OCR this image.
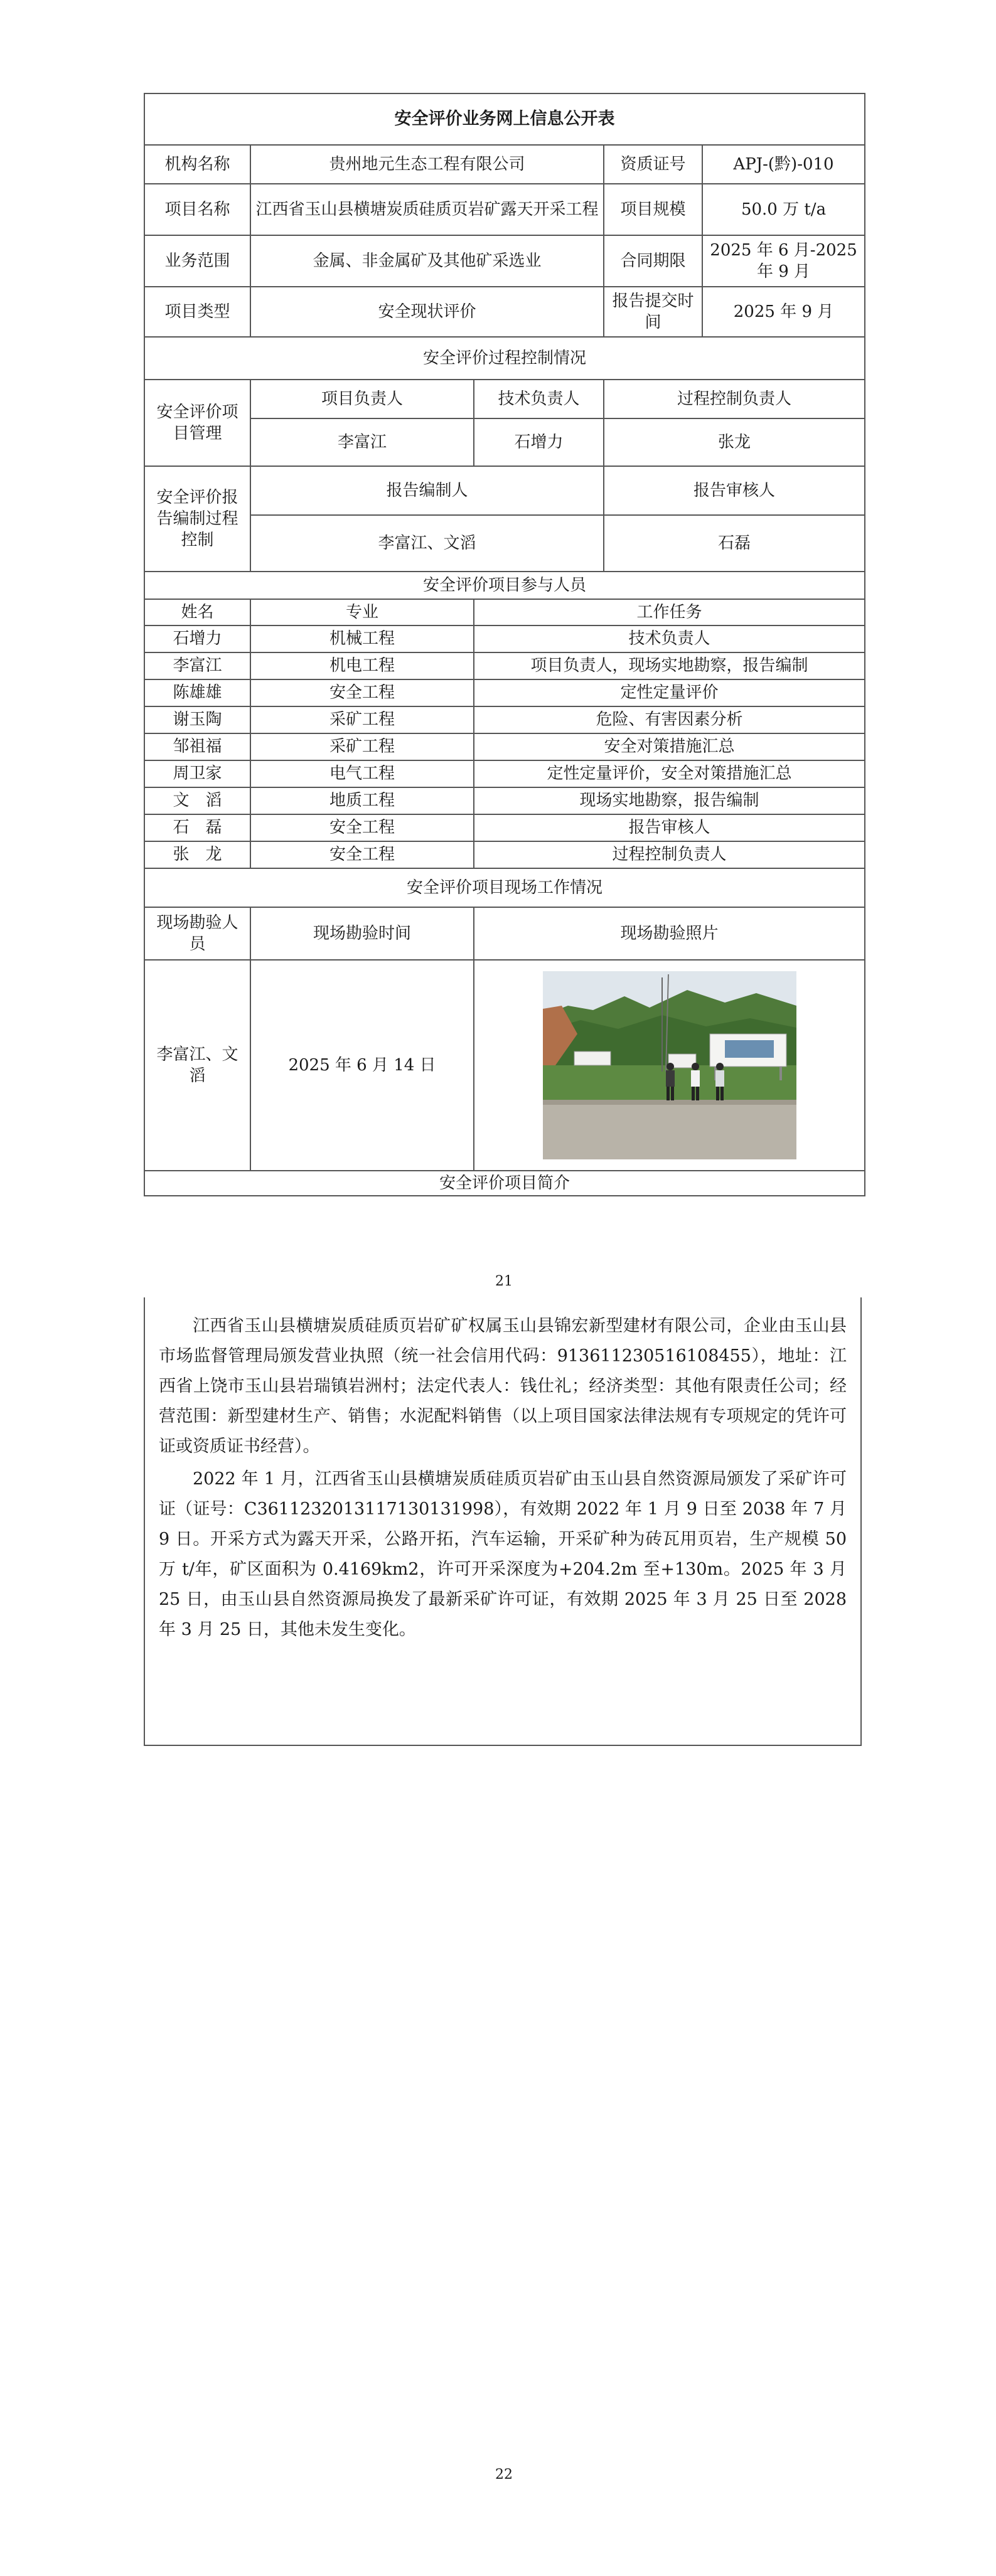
安全评价业务网上信息公开表				
机构名称	贵州地元生态工程有限公司		资质证号	APJ-(黔)-010
项目名称	江西省玉山县横塘炭质硅质页岩矿露天开采工程		项目规模	50.0 万 t/a
业务范围	金属、非金属矿及其他矿采选业		合同期限	2025 年 6 月-2025 年 9 月
项目类型	安全现状评价		报告提交时间	2025 年 9 月
安全评价过程控制情况				
安全评价项目管理	项目负责人	技术负责人	过程控制负责人	
	李富江	石增力	张龙	
安全评价报告编制过程控制	报告编制人		报告审核人	
	李富江、文滔		石磊	
安全评价项目参与人员				
姓名	专业	工作任务		
石增力	机械工程	技术负责人		
李富江	机电工程	项目负责人，现场实地勘察，报告编制		
陈雄雄	安全工程	定性定量评价		
谢玉陶	采矿工程	危险、有害因素分析		
邹祖福	采矿工程	安全对策措施汇总		
周卫家	电气工程	定性定量评价，安全对策措施汇总		
文　滔	地质工程	现场实地勘察，报告编制		
石　磊	安全工程	报告审核人		
张　龙	安全工程	过程控制负责人		
安全评价项目现场工作情况				
现场勘验人员	现场勘验时间	现场勘验照片		
李富江、文滔	2025 年 6 月 14 日	

安全评价项目简介				
21

江西省玉山县横塘炭质硅质页岩矿矿权属玉山县锦宏新型建材有限公司，企业由玉山县市场监督管理局颁发营业执照（统一社会信用代码：913611230516108455），地址：江西省上饶市玉山县岩瑞镇岩洲村；法定代表人：钱仕礼；经济类型：其他有限责任公司；经营范围：新型建材生产、销售；水泥配料销售（以上项目国家法律法规有专项规定的凭许可证或资质证书经营）。

2022 年 1 月，江西省玉山县横塘炭质硅质页岩矿由玉山县自然资源局颁发了采矿许可证（证号：C3611232013117130131998），有效期 2022 年 1 月 9 日至 2038 年 7 月 9 日。开采方式为露天开采，公路开拓，汽车运输，开采矿种为砖瓦用页岩，生产规模 50 万 t/年，矿区面积为 0.4169km2，许可开采深度为+204.2m 至+130m。2025 年 3 月 25 日，由玉山县自然资源局换发了最新采矿许可证，有效期 2025 年 3 月 25 日至 2028 年 3 月 25 日，其他未发生变化。

22
